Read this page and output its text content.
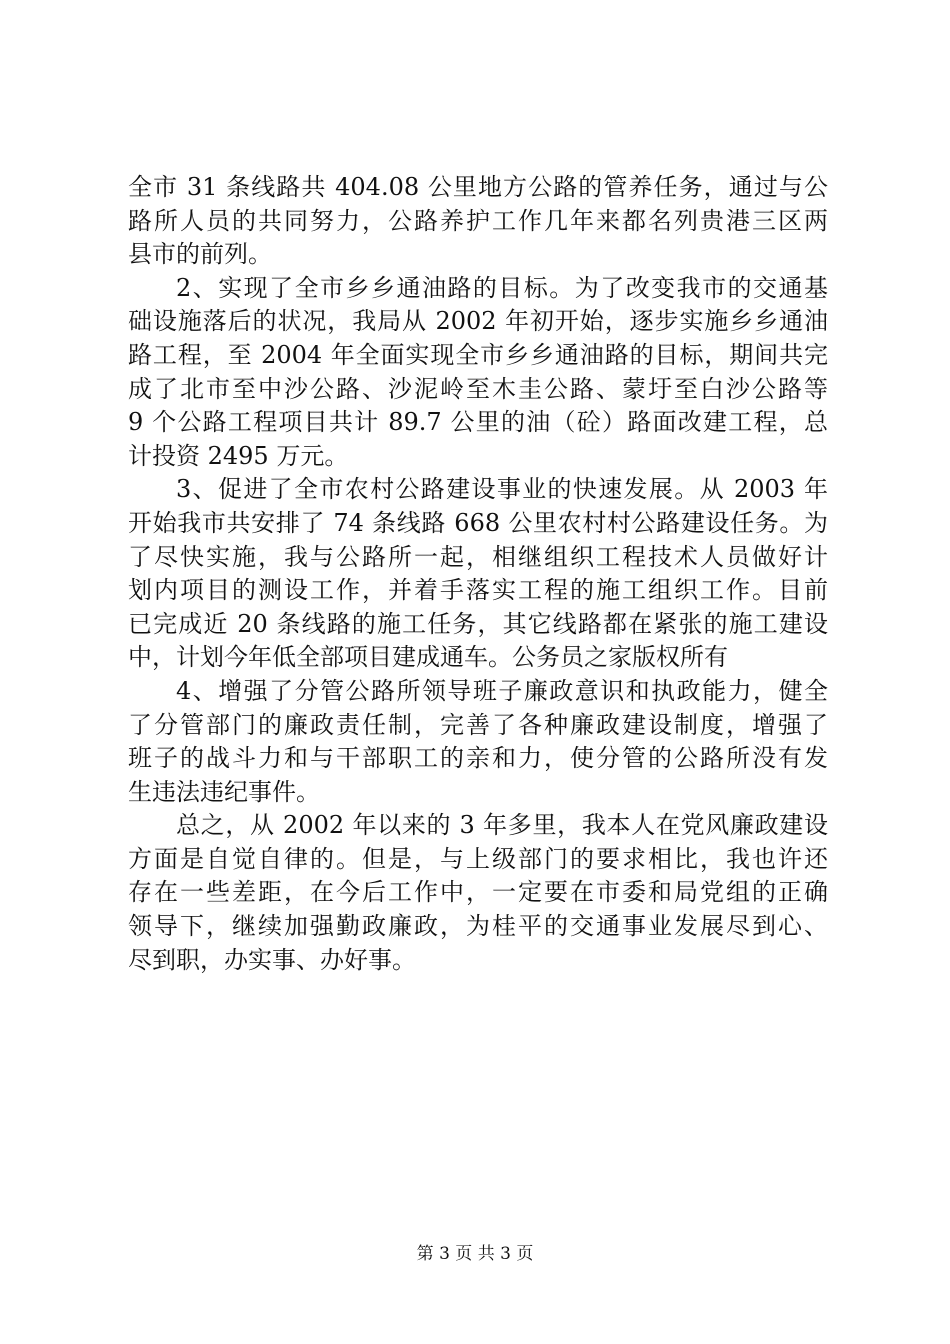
全市 31 条线路共 404.08 公里地方公路的管养任务，通过与公
路所人员的共同努力，公路养护工作几年来都名列贵港三区两
县市的前列。
2、实现了全市乡乡通油路的目标。为了改变我市的交通基
础设施落后的状况，我局从 2002 年初开始，逐步实施乡乡通油
路工程，至 2004 年全面实现全市乡乡通油路的目标，期间共完
成了北市至中沙公路、沙泥岭至木圭公路、蒙圩至白沙公路等
9 个公路工程项目共计 89.7 公里的油（砼）路面改建工程，总
计投资 2495 万元。
3、促进了全市农村公路建设事业的快速发展。从 2003 年
开始我市共安排了 74 条线路 668 公里农村村公路建设任务。为
了尽快实施，我与公路所一起，相继组织工程技术人员做好计
划内项目的测设工作，并着手落实工程的施工组织工作。目前
已完成近 20 条线路的施工任务，其它线路都在紧张的施工建设
中，计划今年低全部项目建成通车。公务员之家版权所有
4、增强了分管公路所领导班子廉政意识和执政能力，健全
了分管部门的廉政责任制，完善了各种廉政建设制度，增强了
班子的战斗力和与干部职工的亲和力，使分管的公路所没有发
生违法违纪事件。
总之，从 2002 年以来的 3 年多里，我本人在党风廉政建设
方面是自觉自律的。但是，与上级部门的要求相比，我也许还
存在一些差距，在今后工作中，一定要在市委和局党组的正确
领导下，继续加强勤政廉政，为桂平的交通事业发展尽到心、
尽到职，办实事、办好事。
第 3 页 共 3 页
